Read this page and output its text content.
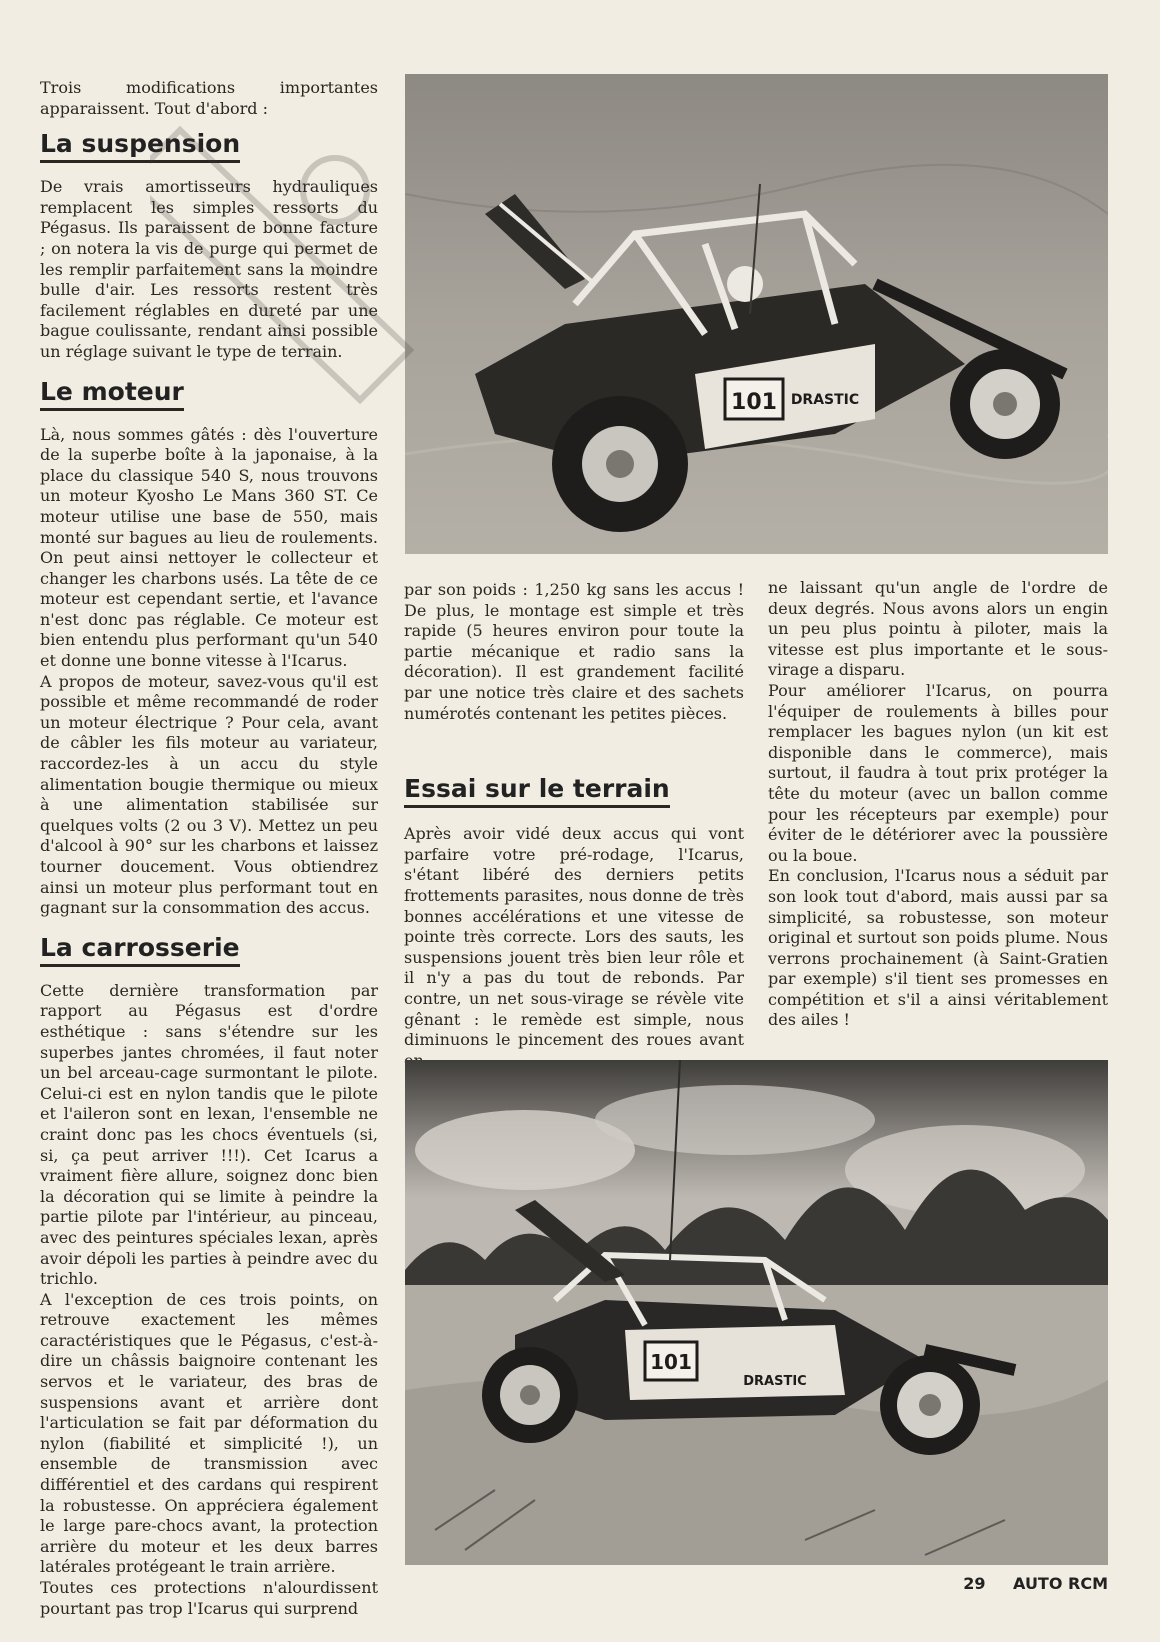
Trois modifications importantes apparaissent. Tout d'abord :

La suspension

De vrais amortisseurs hydrauliques remplacent les simples ressorts du Pégasus. Ils paraissent de bonne facture ; on notera la vis de purge qui permet de les remplir parfaitement sans la moindre bulle d'air. Les ressorts restent très facilement réglables en dureté par une bague coulissante, rendant ainsi possible un réglage suivant le type de terrain.

Le moteur

Là, nous sommes gâtés : dès l'ouverture de la superbe boîte à la japonaise, à la place du classique 540 S, nous trouvons un moteur Kyosho Le Mans 360 ST. Ce moteur utilise une base de 550, mais monté sur bagues au lieu de roulements. On peut ainsi nettoyer le collecteur et changer les charbons usés. La tête de ce moteur est cependant sertie, et l'avance n'est donc pas réglable. Ce moteur est bien entendu plus performant qu'un 540 et donne une bonne vitesse à l'Icarus.

A propos de moteur, savez-vous qu'il est possible et même recommandé de roder un moteur électrique ? Pour cela, avant de câbler les fils moteur au variateur, raccordez-les à un accu du style alimentation bougie thermique ou mieux à une alimentation stabilisée sur quelques volts (2 ou 3 V). Mettez un peu d'alcool à 90° sur les charbons et laissez tourner doucement. Vous obtiendrez ainsi un moteur plus performant tout en gagnant sur la consommation des accus.

La carrosserie

Cette dernière transformation par rapport au Pégasus est d'ordre esthétique : sans s'étendre sur les superbes jantes chromées, il faut noter un bel arceau-cage surmontant le pilote. Celui-ci est en nylon tandis que le pilote et l'aileron sont en lexan, l'ensemble ne craint donc pas les chocs éventuels (si, si, ça peut arriver !!!). Cet Icarus a vraiment fière allure, soignez donc bien la décoration qui se limite à peindre la partie pilote par l'intérieur, au pinceau, avec des peintures spéciales lexan, après avoir dépoli les parties à peindre avec du trichlo.

A l'exception de ces trois points, on retrouve exactement les mêmes caractéristiques que le Pégasus, c'est-à-dire un châssis baignoire contenant les servos et le variateur, des bras de suspensions avant et arrière dont l'articulation se fait par déformation du nylon (fiabilité et simplicité !), un ensemble de transmission avec différentiel et des cardans qui respirent la robustesse. On appréciera également le large pare-chocs avant, la protection arrière du moteur et les deux barres latérales protégeant le train arrière.

Toutes ces protections n'alourdissent pourtant pas trop l'Icarus qui surprend

par son poids : 1,250 kg sans les accus ! De plus, le montage est simple et très rapide (5 heures environ pour toute la partie mécanique et radio sans la décoration). Il est grandement facilité par une notice très claire et des sachets numérotés contenant les petites pièces.

Essai sur le terrain

Après avoir vidé deux accus qui vont parfaire votre pré-rodage, l'Icarus, s'étant libéré des derniers petits frottements parasites, nous donne de très bonnes accélérations et une vitesse de pointe très correcte. Lors des sauts, les suspensions jouent très bien leur rôle et il n'y a pas du tout de rebonds. Par contre, un net sous-virage se révèle vite gênant : le remède est simple, nous diminuons le pincement des roues avant

ne laissant qu'un angle de l'ordre de deux degrés. Nous avons alors un engin un peu plus pointu à piloter, mais la vitesse est plus importante et le sous-virage a disparu.

Pour améliorer l'Icarus, on pourra l'équiper de roulements à billes pour remplacer les bagues nylon (un kit est disponible dans le commerce), mais surtout, il faudra à tout prix protéger la tête du moteur (avec un ballon comme pour les récepteurs par exemple) pour éviter de le détériorer avec la poussière ou la boue.

En conclusion, l'Icarus nous a séduit par son look tout d'abord, mais aussi par sa simplicité, sa robustesse, son moteur original et surtout son poids plume. Nous verrons prochainement (à Saint-Gratien par exemple) s'il tient ses promesses en compétition et s'il a ainsi véritablement des ailes !

101 DRASTIC
101
DRASTIC
29 AUTO RCM
